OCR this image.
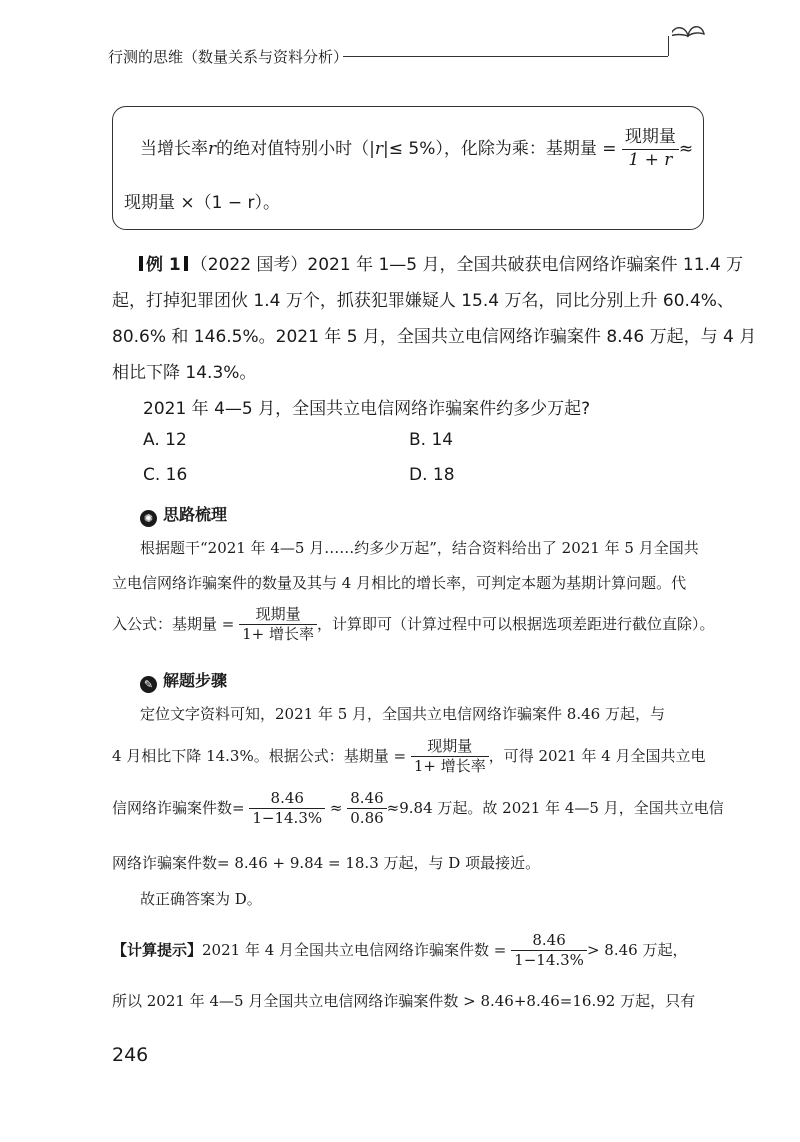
行测的思维（数量关系与资料分析）
当增长率r的绝对值特别小时（|r|≤ 5%），化除为乘：基期量 = $\frac{\text{现期量}}{1 + r}$ ≈
现期量 ×（1 − r）。
例 1 （2022 国考）2021 年 1—5 月，全国共破获电信网络诈骗案件 11.4 万
起，打掉犯罪团伙 1.4 万个，抓获犯罪嫌疑人 15.4 万名，同比分别上升 60.4%、
80.6% 和 146.5%。2021 年 5 月，全国共立电信网络诈骗案件 8.46 万起，与 4 月
相比下降 14.3%。
2021 年 4—5 月，全国共立电信网络诈骗案件约多少万起?
A. 12	B. 14
C. 16	D. 18
✺ 思路梳理
根据题干“2021 年 4—5 月……约多少万起”，结合资料给出了 2021 年 5 月全国共
立电信网络诈骗案件的数量及其与 4 月相比的增长率，可判定本题为基期计算问题。代
入公式：基期量 = $\frac{\text{现期量}}{\text{1+ 增长率}}$ ，计算即可（计算过程中可以根据选项差距进行截位直除）。
✎ 解题步骤
定位文字资料可知，2021 年 5 月，全国共立电信网络诈骗案件 8.46 万起，与
4 月相比下降 14.3%。根据公式：基期量 = $\frac{\text{现期量}}{\text{1+ 增长率}}$ ，可得 2021 年 4 月全国共立电
信网络诈骗案件数= $\frac{8.46}{1-14.3\%} \approx \frac{8.46}{0.86} \approx 9.84$ 万起。故 2021 年 4—5 月，全国共立电信
网络诈骗案件数= 8.46 + 9.84 = 18.3 万起，与 D 项最接近。
故正确答案为 D。
【计算提示】2021 年 4 月全国共立电信网络诈骗案件数 = $\frac{8.46}{1-14.3\%} > 8.46$ 万起，
所以 2021 年 4—5 月全国共立电信网络诈骗案件数 > 8.46+8.46=16.92 万起，只有
246
